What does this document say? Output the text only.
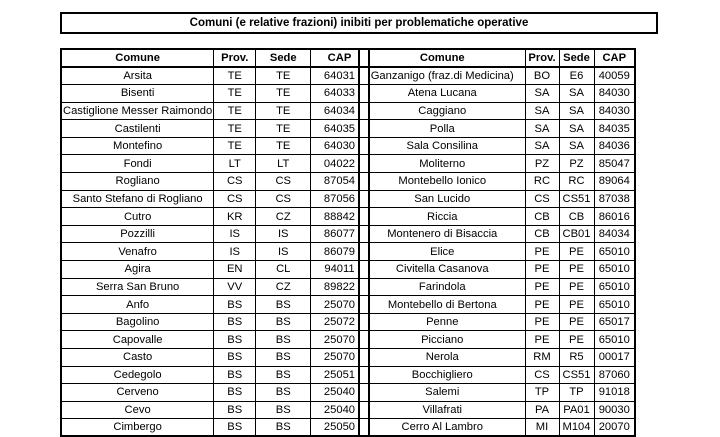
Comuni (e relative frazioni) inibiti per problematiche operative
Comune	Prov.	Sede	CAP
Arsita	TE	TE	64031
Bisenti	TE	TE	64033
Castiglione Messer Raimondo	TE	TE	64034
Castilenti	TE	TE	64035
Montefino	TE	TE	64030
Fondi	LT	LT	04022
Rogliano	CS	CS	87054
Santo Stefano di Rogliano	CS	CS	87056
Cutro	KR	CZ	88842
Pozzilli	IS	IS	86077
Venafro	IS	IS	86079
Agira	EN	CL	94011
Serra San Bruno	VV	CZ	89822
Anfo	BS	BS	25070
Bagolino	BS	BS	25072
Capovalle	BS	BS	25070
Casto	BS	BS	25070
Cedegolo	BS	BS	25051
Cerveno	BS	BS	25040
Cevo	BS	BS	25040
Cimbergo	BS	BS	25050
Comune	Prov.	Sede	CAP
Ganzanigo (fraz.di Medicina)	BO	E6	40059
Atena Lucana	SA	SA	84030
Caggiano	SA	SA	84030
Polla	SA	SA	84035
Sala Consilina	SA	SA	84036
Moliterno	PZ	PZ	85047
Montebello Ionico	RC	RC	89064
San Lucido	CS	CS51	87038
Riccia	CB	CB	86016
Montenero di Bisaccia	CB	CB01	84034
Elice	PE	PE	65010
Civitella Casanova	PE	PE	65010
Farindola	PE	PE	65010
Montebello di Bertona	PE	PE	65010
Penne	PE	PE	65017
Picciano	PE	PE	65010
Nerola	RM	R5	00017
Bocchigliero	CS	CS51	87060
Salemi	TP	TP	91018
Villafrati	PA	PA01	90030
Cerro Al Lambro	MI	M104	20070
